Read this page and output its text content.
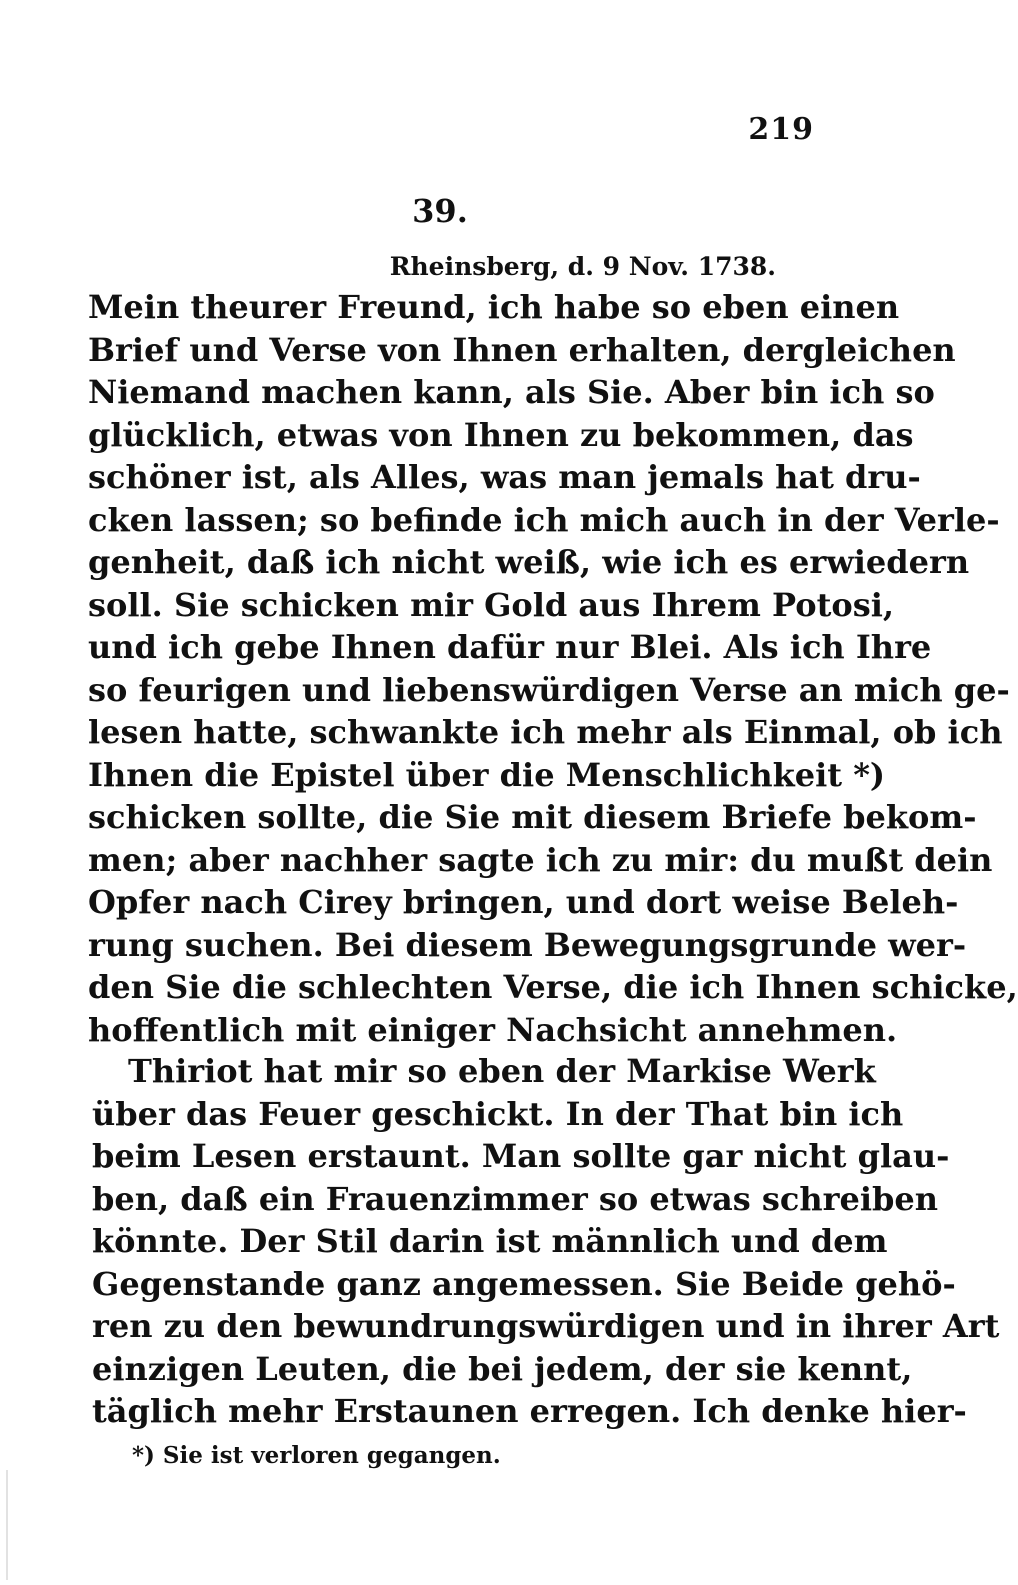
219
39.
Rheinsberg, d. 9 Nov. 1738.
Mein theurer Freund, ich habe so eben einen
Brief und Verse von Ihnen erhalten, dergleichen
Niemand machen kann, als Sie. Aber bin ich so
glücklich, etwas von Ihnen zu bekommen, das
schöner ist, als Alles, was man jemals hat dru-
cken lassen; so befinde ich mich auch in der Verle-
genheit, daß ich nicht weiß, wie ich es erwiedern
soll. Sie schicken mir Gold aus Ihrem Potosi,
und ich gebe Ihnen dafür nur Blei. Als ich Ihre
so feurigen und liebenswürdigen Verse an mich ge-
lesen hatte, schwankte ich mehr als Einmal, ob ich
Ihnen die Epistel über die Menschlichkeit *)
schicken sollte, die Sie mit diesem Briefe bekom-
men; aber nachher sagte ich zu mir: du mußt dein
Opfer nach Cirey bringen, und dort weise Beleh-
rung suchen. Bei diesem Bewegungsgrunde wer-
den Sie die schlechten Verse, die ich Ihnen schicke,
hoffentlich mit einiger Nachsicht annehmen.
Thiriot hat mir so eben der Markise Werk
über das Feuer geschickt. In der That bin ich
beim Lesen erstaunt. Man sollte gar nicht glau-
ben, daß ein Frauenzimmer so etwas schreiben
könnte. Der Stil darin ist männlich und dem
Gegenstande ganz angemessen. Sie Beide gehö-
ren zu den bewundrungswürdigen und in ihrer Art
einzigen Leuten, die bei jedem, der sie kennt,
täglich mehr Erstaunen erregen. Ich denke hier-
*) Sie ist verloren gegangen.
